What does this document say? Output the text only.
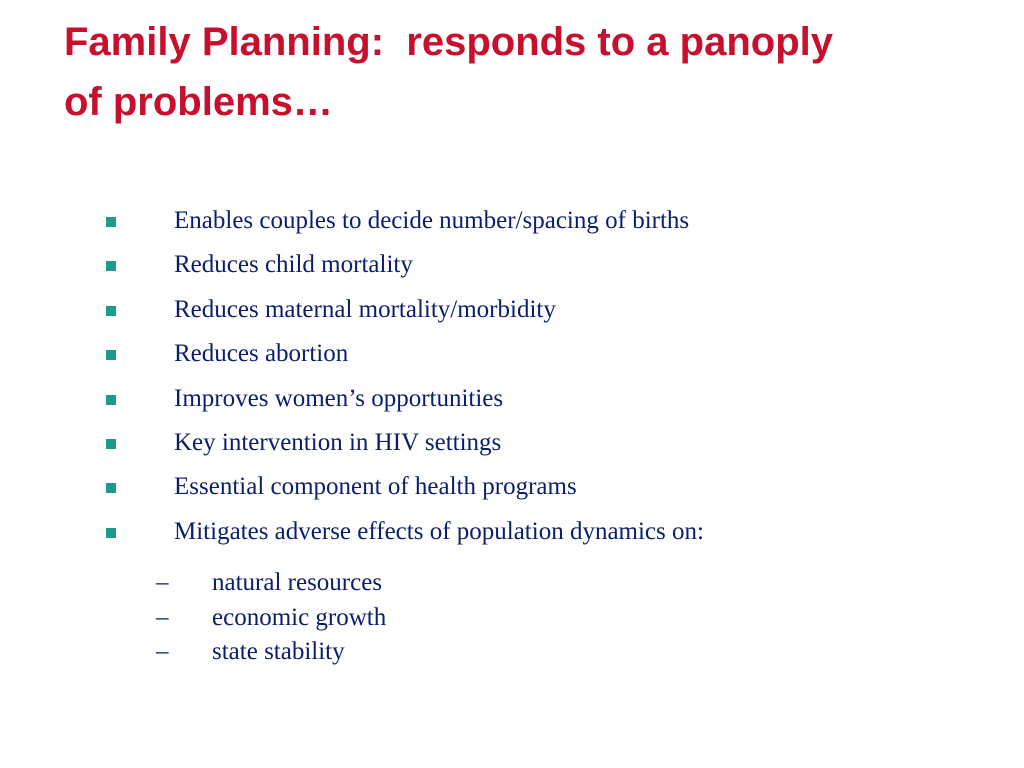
Family Planning:  responds to a panoply
of problems…
Enables couples to decide number/spacing of births
Reduces child mortality
Reduces maternal mortality/morbidity
Reduces abortion
Improves women’s opportunities
Key intervention in HIV settings
Essential component of health programs
Mitigates adverse effects of population dynamics on:
– natural resources
– economic growth
– state stability
